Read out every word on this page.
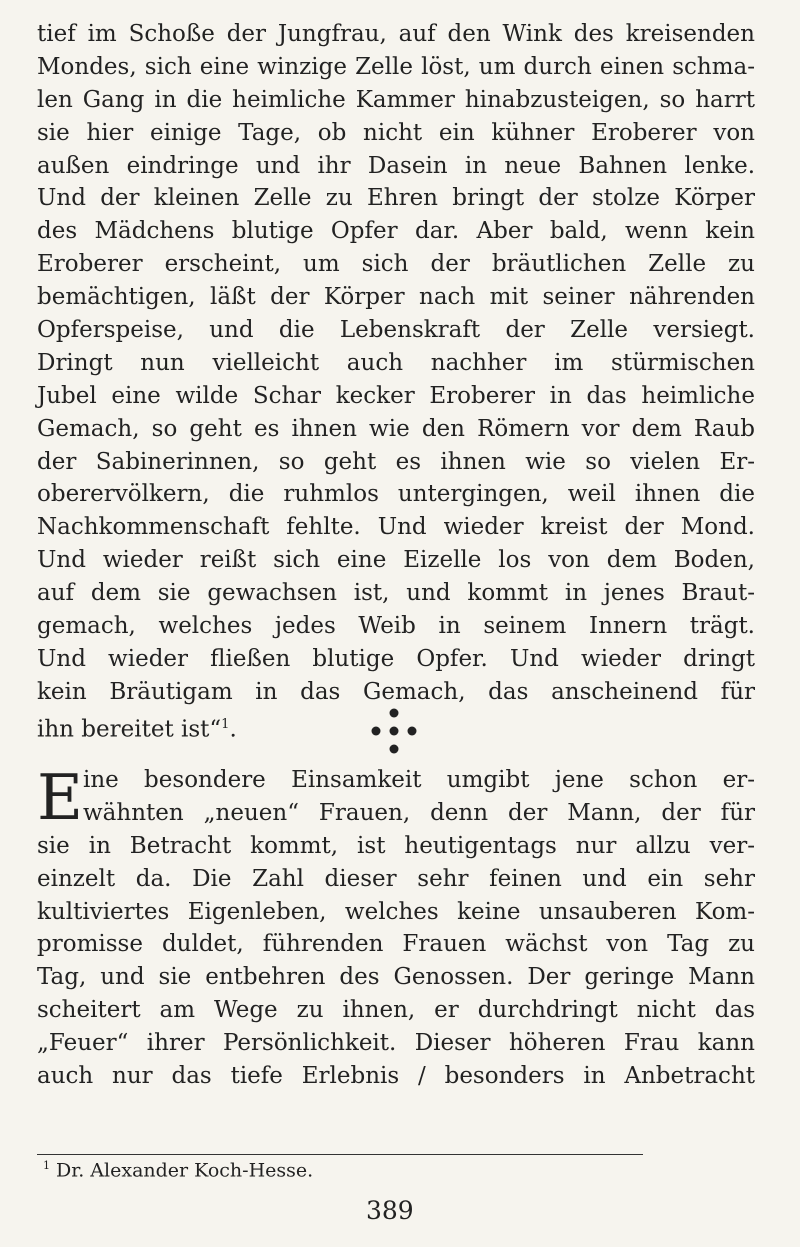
tief im Schoße der Jungfrau, auf den Wink des kreisenden
Mondes, sich eine winzige Zelle löst, um durch einen schma-
len Gang in die heimliche Kammer hinabzusteigen, so harrt
sie hier einige Tage, ob nicht ein kühner Eroberer von
außen eindringe und ihr Dasein in neue Bahnen lenke.
Und der kleinen Zelle zu Ehren bringt der stolze Körper
des Mädchens blutige Opfer dar. Aber bald, wenn kein
Eroberer erscheint, um sich der bräutlichen Zelle zu
bemächtigen, läßt der Körper nach mit seiner nährenden
Opferspeise, und die Lebenskraft der Zelle versiegt.
Dringt nun vielleicht auch nachher im stürmischen
Jubel eine wilde Schar kecker Eroberer in das heimliche
Gemach, so geht es ihnen wie den Römern vor dem Raub
der Sabinerinnen, so geht es ihnen wie so vielen Er-
oberervölkern, die ruhmlos untergingen, weil ihnen die
Nachkommenschaft fehlte. Und wieder kreist der Mond.
Und wieder reißt sich eine Eizelle los von dem Boden,
auf dem sie gewachsen ist, und kommt in jenes Braut-
gemach, welches jedes Weib in seinem Innern trägt.
Und wieder fließen blutige Opfer. Und wieder dringt
kein Bräutigam in das Gemach, das anscheinend für
ihn bereitet ist“$^1$.
E ine besondere Einsamkeit umgibt jene schon er-
wähnten „neuen“ Frauen, denn der Mann, der für
sie in Betracht kommt, ist heutigentags nur allzu ver-
einzelt da. Die Zahl dieser sehr feinen und ein sehr
kultiviertes Eigenleben, welches keine unsauberen Kom-
promisse duldet, führenden Frauen wächst von Tag zu
Tag, und sie entbehren des Genossen. Der geringe Mann
scheitert am Wege zu ihnen, er durchdringt nicht das
„Feuer“ ihrer Persönlichkeit. Dieser höheren Frau kann
auch nur das tiefe Erlebnis / besonders in Anbetracht
$^1$ Dr. Alexander Koch-Hesse.
389
